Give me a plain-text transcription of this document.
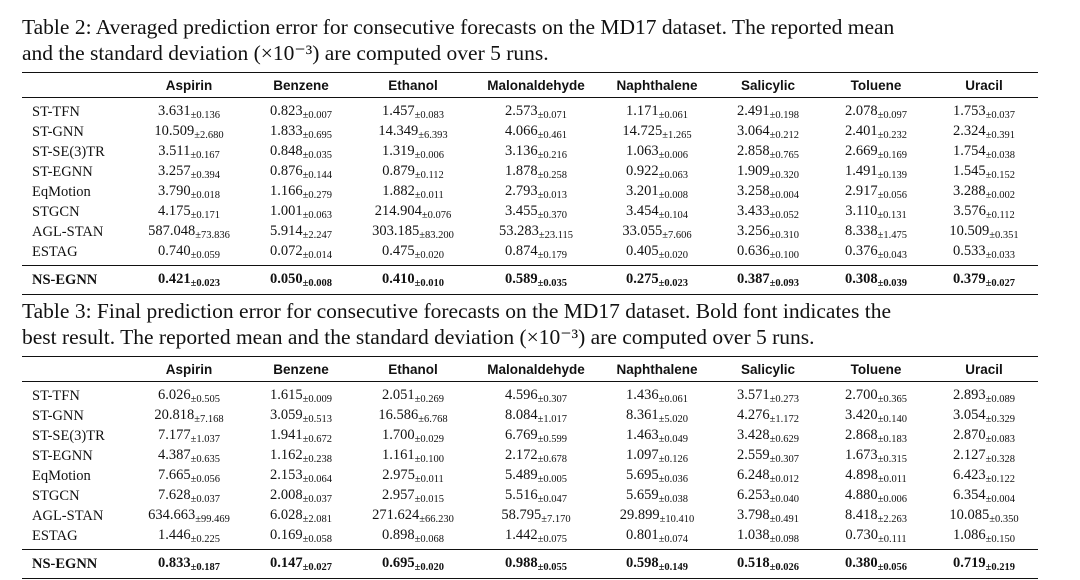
Table 2: Averaged prediction error for consecutive forecasts on the MD17 dataset. The reported mean
and the standard deviation (×10⁻³) are computed over 5 runs.

	Aspirin	Benzene	Ethanol	Malonaldehyde	Naphthalene	Salicylic	Toluene	Uracil
ST-TFN	$3.631_{\pm 0.136}$	$0.823_{\pm 0.007}$	$1.457_{\pm 0.083}$	$2.573_{\pm 0.071}$	$1.171_{\pm 0.061}$	$2.491_{\pm 0.198}$	$2.078_{\pm 0.097}$	$1.753_{\pm 0.037}$
ST-GNN	$10.509_{\pm 2.680}$	$1.833_{\pm 0.695}$	$14.349_{\pm 6.393}$	$4.066_{\pm 0.461}$	$14.725_{\pm 1.265}$	$3.064_{\pm 0.212}$	$2.401_{\pm 0.232}$	$2.324_{\pm 0.391}$
ST-SE(3)TR	$3.511_{\pm 0.167}$	$0.848_{\pm 0.035}$	$1.319_{\pm 0.006}$	$3.136_{\pm 0.216}$	$1.063_{\pm 0.006}$	$2.858_{\pm 0.765}$	$2.669_{\pm 0.169}$	$1.754_{\pm 0.038}$
ST-EGNN	$3.257_{\pm 0.394}$	$0.876_{\pm 0.144}$	$0.879_{\pm 0.112}$	$1.878_{\pm 0.258}$	$0.922_{\pm 0.063}$	$1.909_{\pm 0.320}$	$1.491_{\pm 0.139}$	$1.545_{\pm 0.152}$
EqMotion	$3.790_{\pm 0.018}$	$1.166_{\pm 0.279}$	$1.882_{\pm 0.011}$	$2.793_{\pm 0.013}$	$3.201_{\pm 0.008}$	$3.258_{\pm 0.004}$	$2.917_{\pm 0.056}$	$3.288_{\pm 0.002}$
STGCN	$4.175_{\pm 0.171}$	$1.001_{\pm 0.063}$	$214.904_{\pm 0.076}$	$3.455_{\pm 0.370}$	$3.454_{\pm 0.104}$	$3.433_{\pm 0.052}$	$3.110_{\pm 0.131}$	$3.576_{\pm 0.112}$
AGL-STAN	$587.048_{\pm 73.836}$	$5.914_{\pm 2.247}$	$303.185_{\pm 83.200}$	$53.283_{\pm 23.115}$	$33.055_{\pm 7.606}$	$3.256_{\pm 0.310}$	$8.338_{\pm 1.475}$	$10.509_{\pm 0.351}$
ESTAG	$0.740_{\pm 0.059}$	$0.072_{\pm 0.014}$	$0.475_{\pm 0.020}$	$0.874_{\pm 0.179}$	$0.405_{\pm 0.020}$	$0.636_{\pm 0.100}$	$0.376_{\pm 0.043}$	$0.533_{\pm 0.033}$
NS-EGNN	$0.421_{\pm 0.023}$	$0.050_{\pm 0.008}$	$0.410_{\pm 0.010}$	$0.589_{\pm 0.035}$	$0.275_{\pm 0.023}$	$0.387_{\pm 0.093}$	$0.308_{\pm 0.039}$	$0.379_{\pm 0.027}$

Table 3: Final prediction error for consecutive forecasts on the MD17 dataset. Bold font indicates the
best result. The reported mean and the standard deviation (×10⁻³) are computed over 5 runs.

	Aspirin	Benzene	Ethanol	Malonaldehyde	Naphthalene	Salicylic	Toluene	Uracil
ST-TFN	$6.026_{\pm 0.505}$	$1.615_{\pm 0.009}$	$2.051_{\pm 0.269}$	$4.596_{\pm 0.307}$	$1.436_{\pm 0.061}$	$3.571_{\pm 0.273}$	$2.700_{\pm 0.365}$	$2.893_{\pm 0.089}$
ST-GNN	$20.818_{\pm 7.168}$	$3.059_{\pm 0.513}$	$16.586_{\pm 6.768}$	$8.084_{\pm 1.017}$	$8.361_{\pm 5.020}$	$4.276_{\pm 1.172}$	$3.420_{\pm 0.140}$	$3.054_{\pm 0.329}$
ST-SE(3)TR	$7.177_{\pm 1.037}$	$1.941_{\pm 0.672}$	$1.700_{\pm 0.029}$	$6.769_{\pm 0.599}$	$1.463_{\pm 0.049}$	$3.428_{\pm 0.629}$	$2.868_{\pm 0.183}$	$2.870_{\pm 0.083}$
ST-EGNN	$4.387_{\pm 0.635}$	$1.162_{\pm 0.238}$	$1.161_{\pm 0.100}$	$2.172_{\pm 0.678}$	$1.097_{\pm 0.126}$	$2.559_{\pm 0.307}$	$1.673_{\pm 0.315}$	$2.127_{\pm 0.328}$
EqMotion	$7.665_{\pm 0.056}$	$2.153_{\pm 0.064}$	$2.975_{\pm 0.011}$	$5.489_{\pm 0.005}$	$5.695_{\pm 0.036}$	$6.248_{\pm 0.012}$	$4.898_{\pm 0.011}$	$6.423_{\pm 0.122}$
STGCN	$7.628_{\pm 0.037}$	$2.008_{\pm 0.037}$	$2.957_{\pm 0.015}$	$5.516_{\pm 0.047}$	$5.659_{\pm 0.038}$	$6.253_{\pm 0.040}$	$4.880_{\pm 0.006}$	$6.354_{\pm 0.004}$
AGL-STAN	$634.663_{\pm 99.469}$	$6.028_{\pm 2.081}$	$271.624_{\pm 66.230}$	$58.795_{\pm 7.170}$	$29.899_{\pm 10.410}$	$3.798_{\pm 0.491}$	$8.418_{\pm 2.263}$	$10.085_{\pm 0.350}$
ESTAG	$1.446_{\pm 0.225}$	$0.169_{\pm 0.058}$	$0.898_{\pm 0.068}$	$1.442_{\pm 0.075}$	$0.801_{\pm 0.074}$	$1.038_{\pm 0.098}$	$0.730_{\pm 0.111}$	$1.086_{\pm 0.150}$
NS-EGNN	$0.833_{\pm 0.187}$	$0.147_{\pm 0.027}$	$0.695_{\pm 0.020}$	$0.988_{\pm 0.055}$	$0.598_{\pm 0.149}$	$0.518_{\pm 0.026}$	$0.380_{\pm 0.056}$	$0.719_{\pm 0.219}$
